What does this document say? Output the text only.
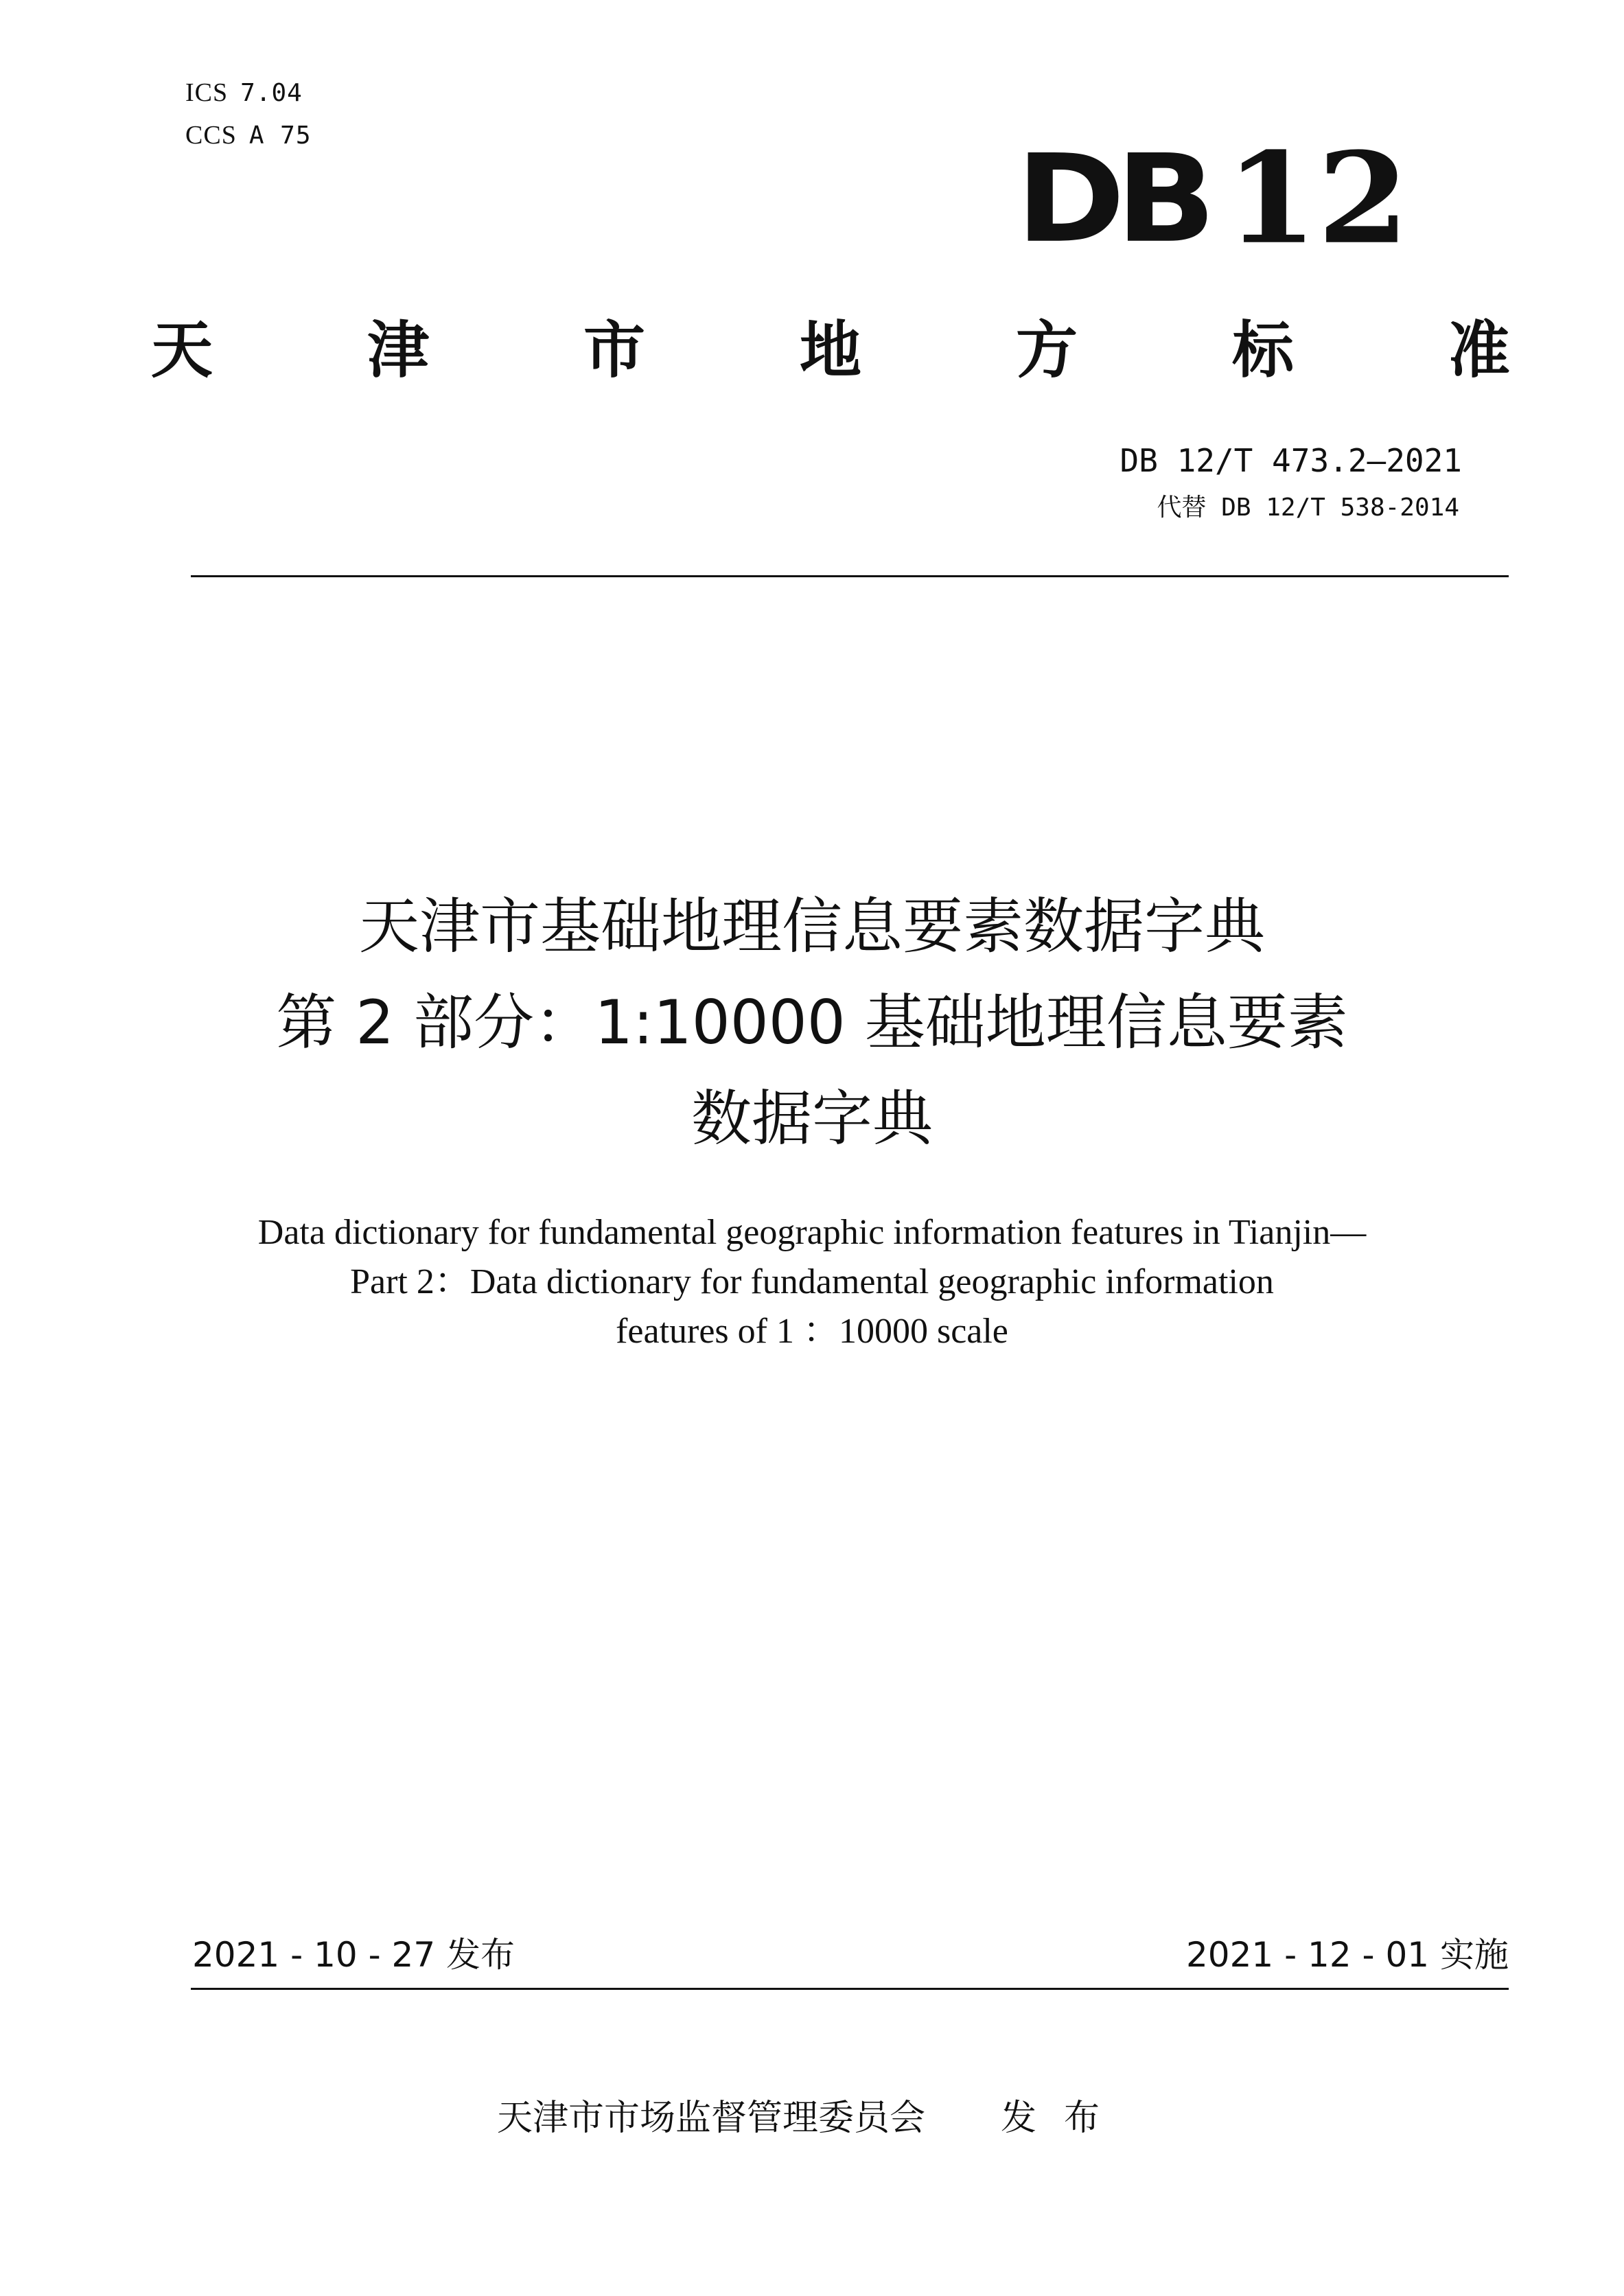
ICS 7.04
CCS A 75	DB 12
天	津	市	地	方	标	准
DB 12/T 473.2—2021
代替 DB 12/T 538-2014
天津市基础地理信息要素数据字典
第 2 部分：1:10000 基础地理信息要素
数据字典
Data dictionary for fundamental geographic information features in Tianjin—
Part 2：Data dictionary for fundamental geographic information
features of 1 ：10000 scale
2021 - 10 - 27 发布	2021 - 12 - 01 实施
天津市市场监督管理委员会 发布
